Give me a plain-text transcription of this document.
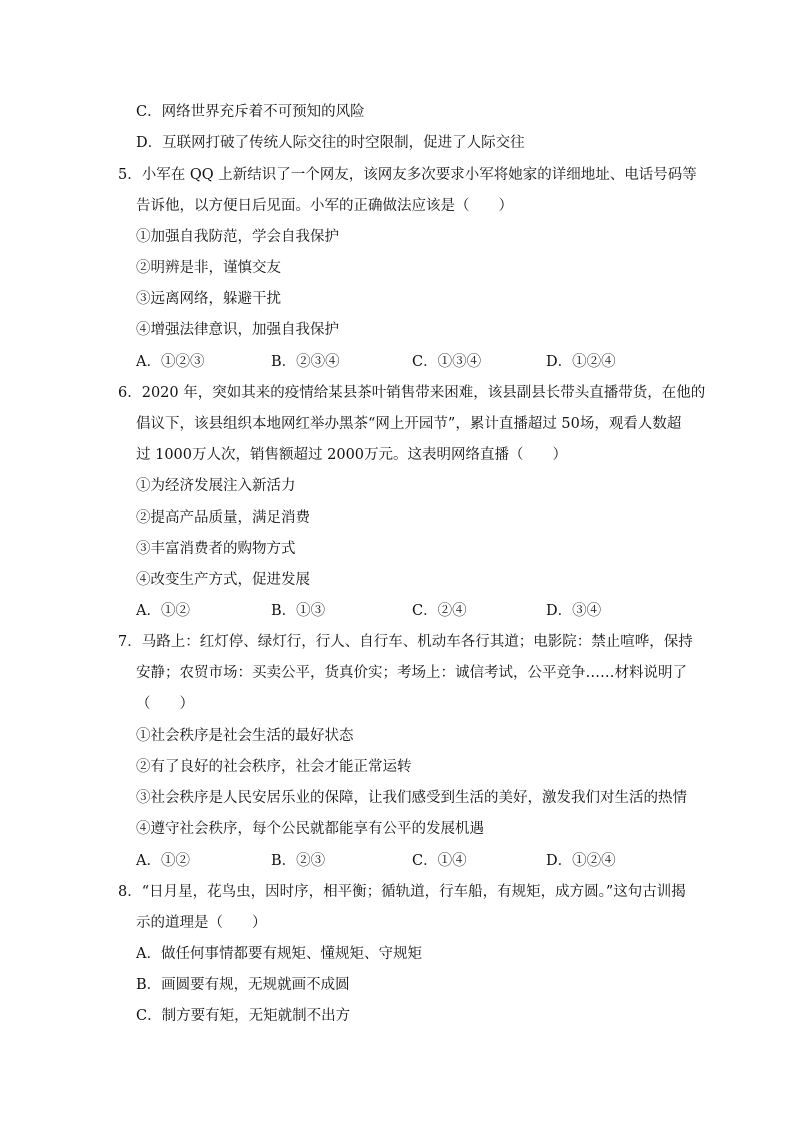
C．网络世界充斥着不可预知的风险
D．互联网打破了传统人际交往的时空限制，促进了人际交往
5．小军在 QQ 上新结识了一个网友，该网友多次要求小军将她家的详细地址、电话号码等
告诉他，以方便日后见面。小军的正确做法应该是（　　）
①加强自我防范，学会自我保护
②明辨是非，谨慎交友
③远离网络，躲避干扰
④增强法律意识，加强自我保护
A．①②③	B．②③④	C．①③④	D．①②④
6．2020 年，突如其来的疫情给某县茶叶销售带来困难，该县副县长带头直播带货，在他的
倡议下，该县组织本地网红举办黑茶“网上开园节”，累计直播超过 50场，观看人数超
过 1000万人次，销售额超过 2000万元。这表明网络直播（　　）
①为经济发展注入新活力
②提高产品质量，满足消费
③丰富消费者的购物方式
④改变生产方式，促进发展
A．①②	B．①③	C．②④	D．③④
7．马路上：红灯停、绿灯行，行人、自行车、机动车各行其道；电影院：禁止喧哗，保持
安静；农贸市场：买卖公平，货真价实；考场上：诚信考试，公平竞争……材料说明了
（　　）
①社会秩序是社会生活的最好状态
②有了良好的社会秩序，社会才能正常运转
③社会秩序是人民安居乐业的保障，让我们感受到生活的美好，激发我们对生活的热情
④遵守社会秩序，每个公民就都能享有公平的发展机遇
A．①②	B．②③	C．①④	D．①②④
8．“日月星，花鸟虫，因时序，相平衡；循轨道，行车船，有规矩，成方圆。”这句古训揭
示的道理是（　　）
A．做任何事情都要有规矩、懂规矩、守规矩
B．画圆要有规，无规就画不成圆
C．制方要有矩，无矩就制不出方
